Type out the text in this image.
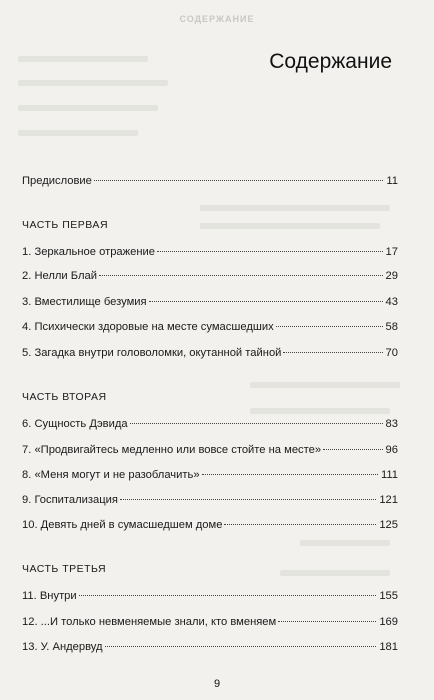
СОДЕРЖАНИЕ
Содержание
Предисловие	11
ЧАСТЬ ПЕРВАЯ
1. Зеркальное отражение	17
2. Нелли Блай	29
3. Вместилище безумия	43
4. Психически здоровые на месте сумасшедших	58
5. Загадка внутри головоломки, окутанной тайной	70
ЧАСТЬ ВТОРАЯ
6. Сущность Дэвида	83
7. «Продвигайтесь медленно или вовсе стойте на месте»	96
8. «Меня могут и не разоблачить»	111
9. Госпитализация	121
10. Девять дней в сумасшедшем доме	125
ЧАСТЬ ТРЕТЬЯ
11. Внутри	155
12. ...И только невменяемые знали, кто вменяем	169
13. У. Андервуд	181
9
